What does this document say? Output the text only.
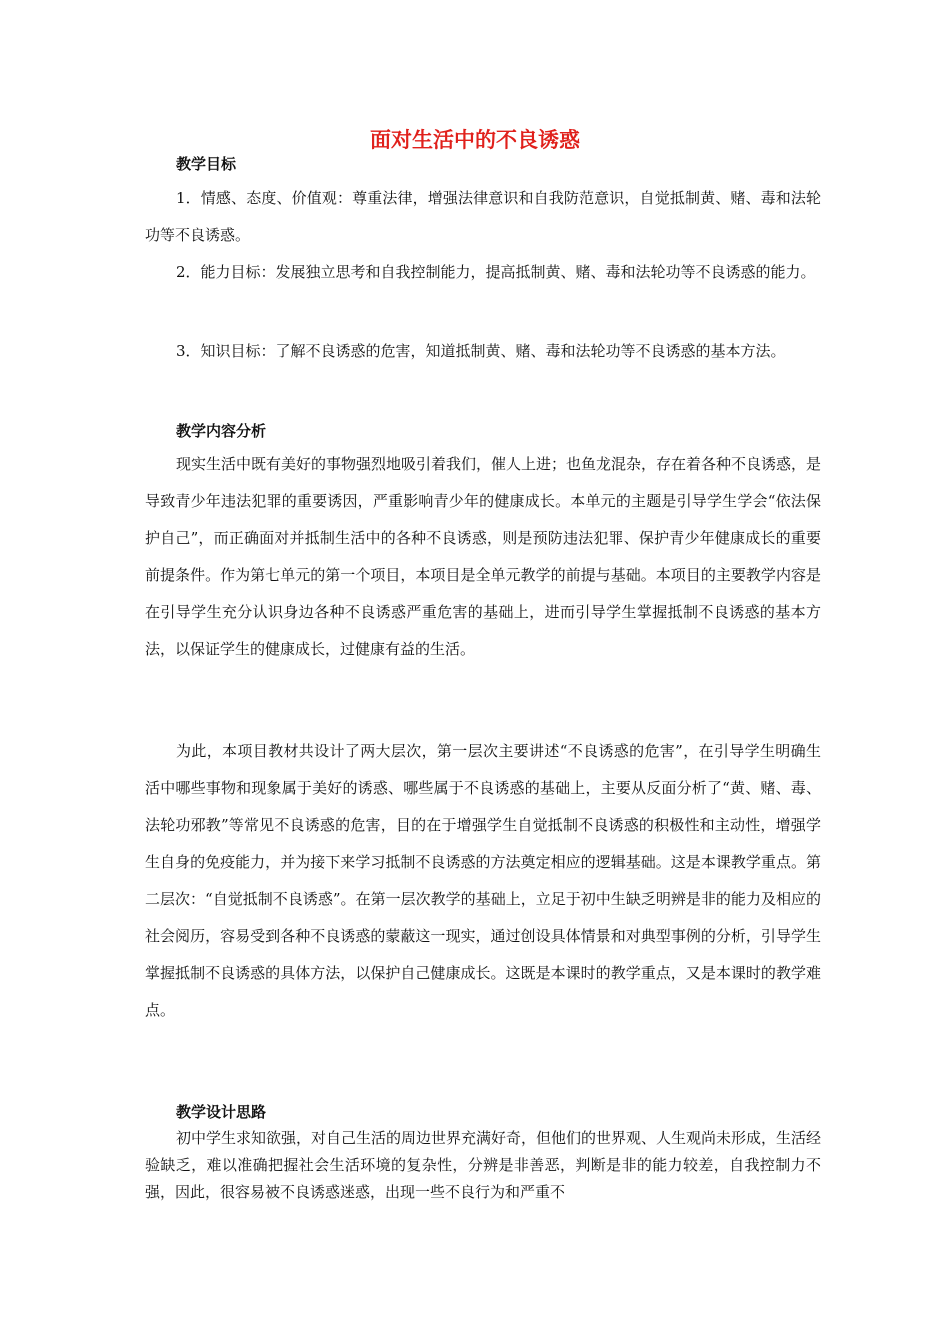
面对生活中的不良诱惑
教学目标

1．情感、态度、价值观：尊重法律，增强法律意识和自我防范意识，自觉抵制黄、赌、毒和法轮功等不良诱惑。

2．能力目标：发展独立思考和自我控制能力，提高抵制黄、赌、毒和法轮功等不良诱惑的能力。

3．知识目标：了解不良诱惑的危害，知道抵制黄、赌、毒和法轮功等不良诱惑的基本方法。

教学内容分析

现实生活中既有美好的事物强烈地吸引着我们，催人上进；也鱼龙混杂，存在着各种不良诱惑，是导致青少年违法犯罪的重要诱因，严重影响青少年的健康成长。本单元的主题是引导学生学会“依法保护自己”，而正确面对并抵制生活中的各种不良诱惑，则是预防违法犯罪、保护青少年健康成长的重要前提条件。作为第七单元的第一个项目，本项目是全单元教学的前提与基础。本项目的主要教学内容是在引导学生充分认识身边各种不良诱惑严重危害的基础上，进而引导学生掌握抵制不良诱惑的基本方法，以保证学生的健康成长，过健康有益的生活。

为此，本项目教材共设计了两大层次，第一层次主要讲述“不良诱惑的危害”，在引导学生明确生活中哪些事物和现象属于美好的诱惑、哪些属于不良诱惑的基础上，主要从反面分析了“黄、赌、毒、法轮功邪教”等常见不良诱惑的危害，目的在于增强学生自觉抵制不良诱惑的积极性和主动性，增强学生自身的免疫能力，并为接下来学习抵制不良诱惑的方法奠定相应的逻辑基础。这是本课教学重点。第二层次：“自觉抵制不良诱惑”。在第一层次教学的基础上，立足于初中生缺乏明辨是非的能力及相应的社会阅历，容易受到各种不良诱惑的蒙蔽这一现实，通过创设具体情景和对典型事例的分析，引导学生掌握抵制不良诱惑的具体方法，以保护自己健康成长。这既是本课时的教学重点，又是本课时的教学难点。

教学设计思路

初中学生求知欲强，对自己生活的周边世界充满好奇，但他们的世界观、人生观尚未形成，生活经验缺乏，难以准确把握社会生活环境的复杂性，分辨是非善恶，判断是非的能力较差，自我控制力不强，因此，很容易被不良诱惑迷惑，出现一些不良行为和严重不
